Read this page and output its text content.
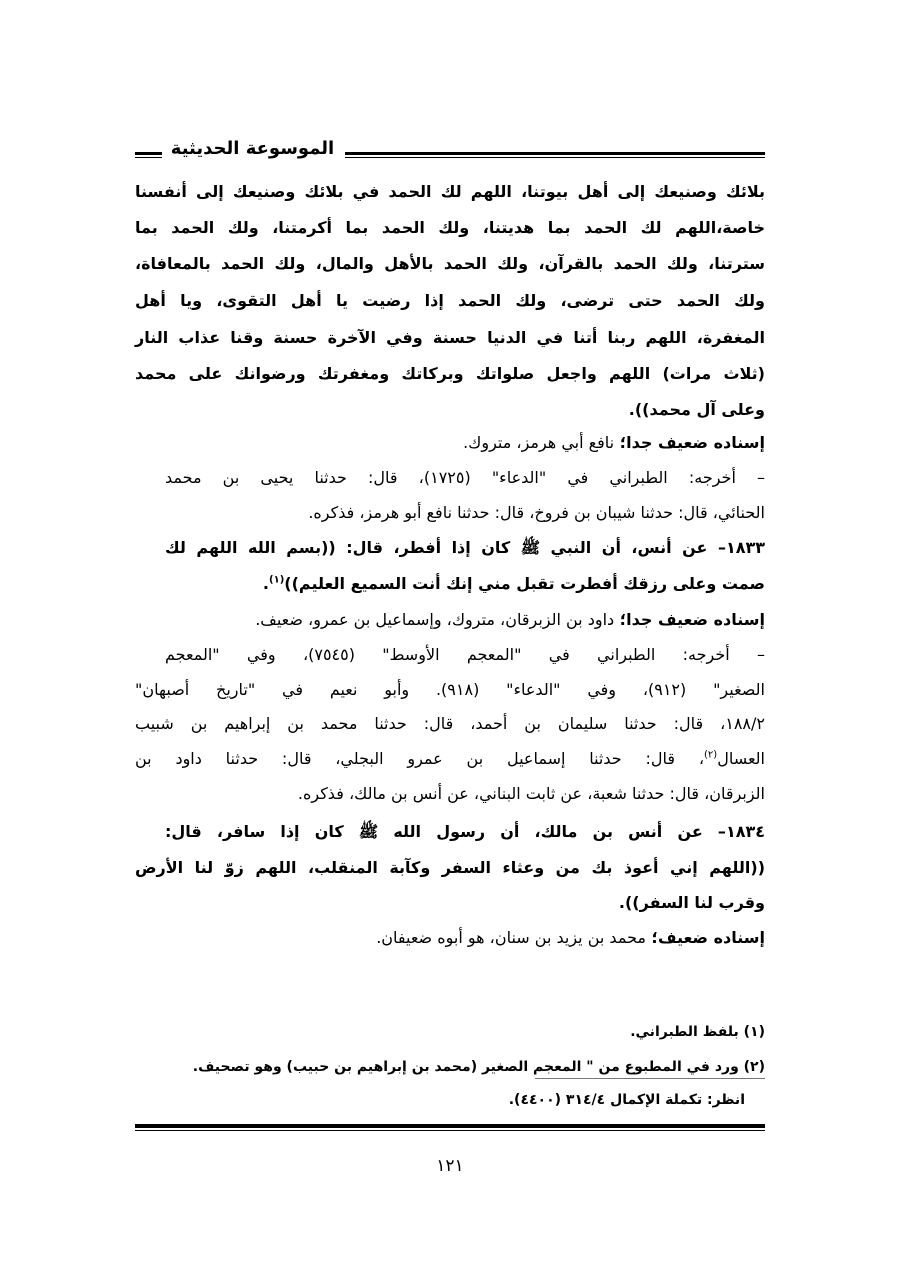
الموسوعة الحديثية
بلائك وصنيعك إلى أهل بيوتنا، اللهم لك الحمد في بلائك وصنيعك إلى أنفسنا
خاصة،اللهم لك الحمد بما هديتنا، ولك الحمد بما أكرمتنا، ولك الحمد بما
سترتنا، ولك الحمد بالقرآن، ولك الحمد بالأهل والمال، ولك الحمد بالمعافاة،
ولك الحمد حتى ترضى، ولك الحمد إذا رضيت يا أهل التقوى، ويا أهل
المغفرة، اللهم ربنا أتنا في الدنيا حسنة وفي الآخرة حسنة وقنا عذاب النار
(ثلاث مرات) اللهم واجعل صلواتك وبركاتك ومغفرتك ورضوانك على محمد
وعلى آل محمد)).
إسناده ضعيف جدا؛ نافع أبي هرمز، متروك.
– أخرجه: الطبراني في "الدعاء" (١٧٢٥)، قال: حدثنا يحيى بن محمد
الحنائي، قال: حدثنا شيبان بن فروخ، قال: حدثنا نافع أبو هرمز، فذكره.
١٨٣٣– عن أنس، أن النبي ﷺ كان إذا أفطر، قال: ((بسم الله اللهم لك
صمت وعلى رزقك أفطرت تقبل مني إنك أنت السميع العليم))$^{(١)}$.
إسناده ضعيف جدا؛ داود بن الزبرقان، متروك، وإسماعيل بن عمرو، ضعيف.
– أخرجه: الطبراني في "المعجم الأوسط" (٧٥٤٥)، وفي "المعجم
الصغير" (٩١٢)، وفي "الدعاء" (٩١٨). وأبو نعيم في "تاريخ أصبهان"
١٨٨/٢، قال: حدثنا سليمان بن أحمد، قال: حدثنا محمد بن إبراهيم بن شبيب
العسال$^{(٢)}$، قال: حدثنا إسماعيل بن عمرو البجلي، قال: حدثنا داود بن
الزبرقان، قال: حدثنا شعبة، عن ثابت البناني، عن أنس بن مالك، فذكره.
١٨٣٤– عن أنس بن مالك، أن رسول الله ﷺ كان إذا سافر، قال:
((اللهم إني أعوذ بك من وعثاء السفر وكآبة المنقلب، اللهم زوّ لنا الأرض
وقرب لنا السفر)).
إسناده ضعيف؛ محمد بن يزيد بن سنان، هو أبوه ضعيفان.
(١) بلفظ الطبراني.
(٢) ورد في المطبوع من " المعجم الصغير (محمد بن إبراهيم بن حبيب) وهو تصحيف.
انظر: تكملة الإكمال ٣١٤/٤ (٤٤٠٠).
١٢١
